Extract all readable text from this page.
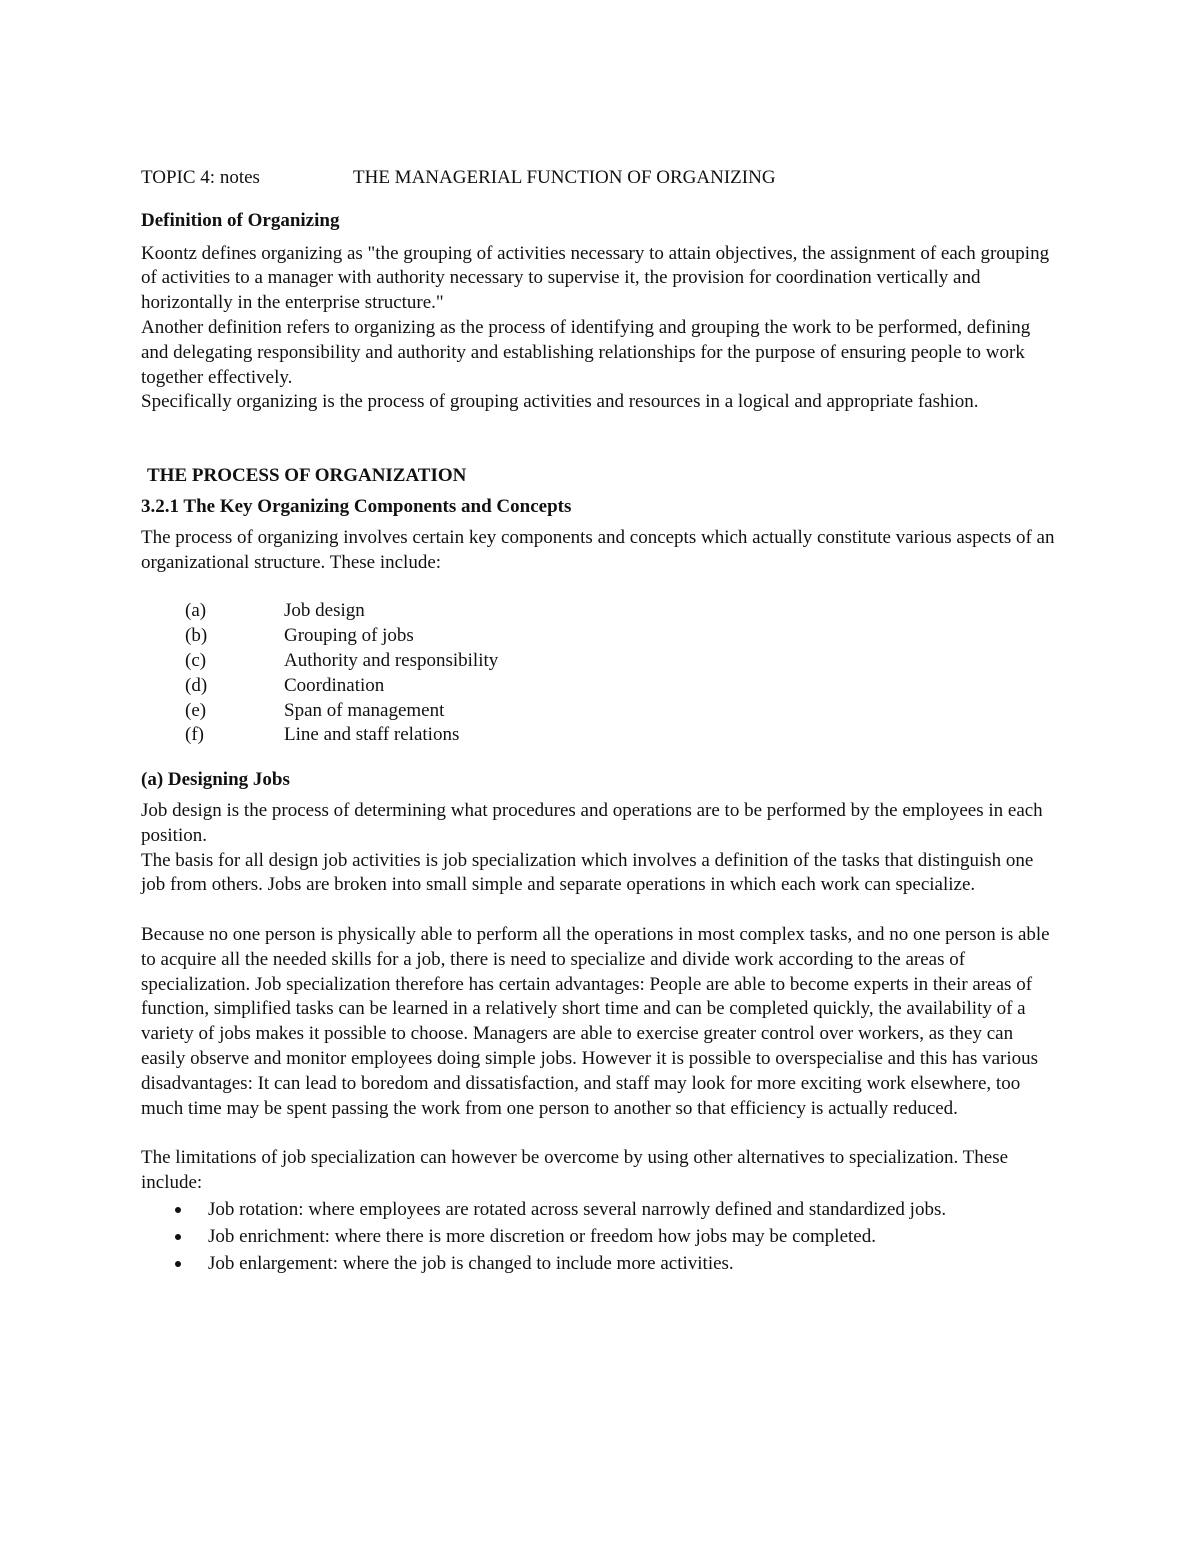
TOPIC 4: notes	THE MANAGERIAL FUNCTION OF ORGANIZING
Definition of Organizing

Koontz defines organizing as "the grouping of activities necessary to attain objectives, the assignment of each grouping of activities to a manager with authority necessary to supervise it, the provision for coordination vertically and horizontally in the enterprise structure."

Another definition refers to organizing as the process of identifying and grouping the work to be performed, defining and delegating responsibility and authority and establishing relationships for the purpose of ensuring people to work together effectively.

Specifically organizing is the process of grouping activities and resources in a logical and appropriate fashion.

THE PROCESS OF ORGANIZATION
3.2.1 The Key Organizing Components and Concepts

The process of organizing involves certain key components and concepts which actually constitute various aspects of an organizational structure. These include:

(a)	Job design
(b)	Grouping of jobs
(c)	Authority and responsibility
(d)	Coordination
(e)	Span of management
(f)	Line and staff relations
(a) Designing Jobs

Job design is the process of determining what procedures and operations are to be performed by the employees in each position.

The basis for all design job activities is job specialization which involves a definition of the tasks that distinguish one job from others. Jobs are broken into small simple and separate operations in which each work can specialize.

Because no one person is physically able to perform all the operations in most complex tasks, and no one person is able to acquire all the needed skills for a job, there is need to specialize and divide work according to the areas of specialization. Job specialization therefore has certain advantages: People are able to become experts in their areas of function, simplified tasks can be learned in a relatively short time and can be completed quickly, the availability of a variety of jobs makes it possible to choose. Managers are able to exercise greater control over workers, as they can easily observe and monitor employees doing simple jobs. However it is possible to overspecialise and this has various disadvantages: It can lead to boredom and dissatisfaction, and staff may look for more exciting work elsewhere, too much time may be spent passing the work from one person to another so that efficiency is actually reduced.

The limitations of job specialization can however be overcome by using other alternatives to specialization. These include:

Job rotation: where employees are rotated across several narrowly defined and standardized jobs.
Job enrichment: where there is more discretion or freedom how jobs may be completed.
Job enlargement: where the job is changed to include more activities.
